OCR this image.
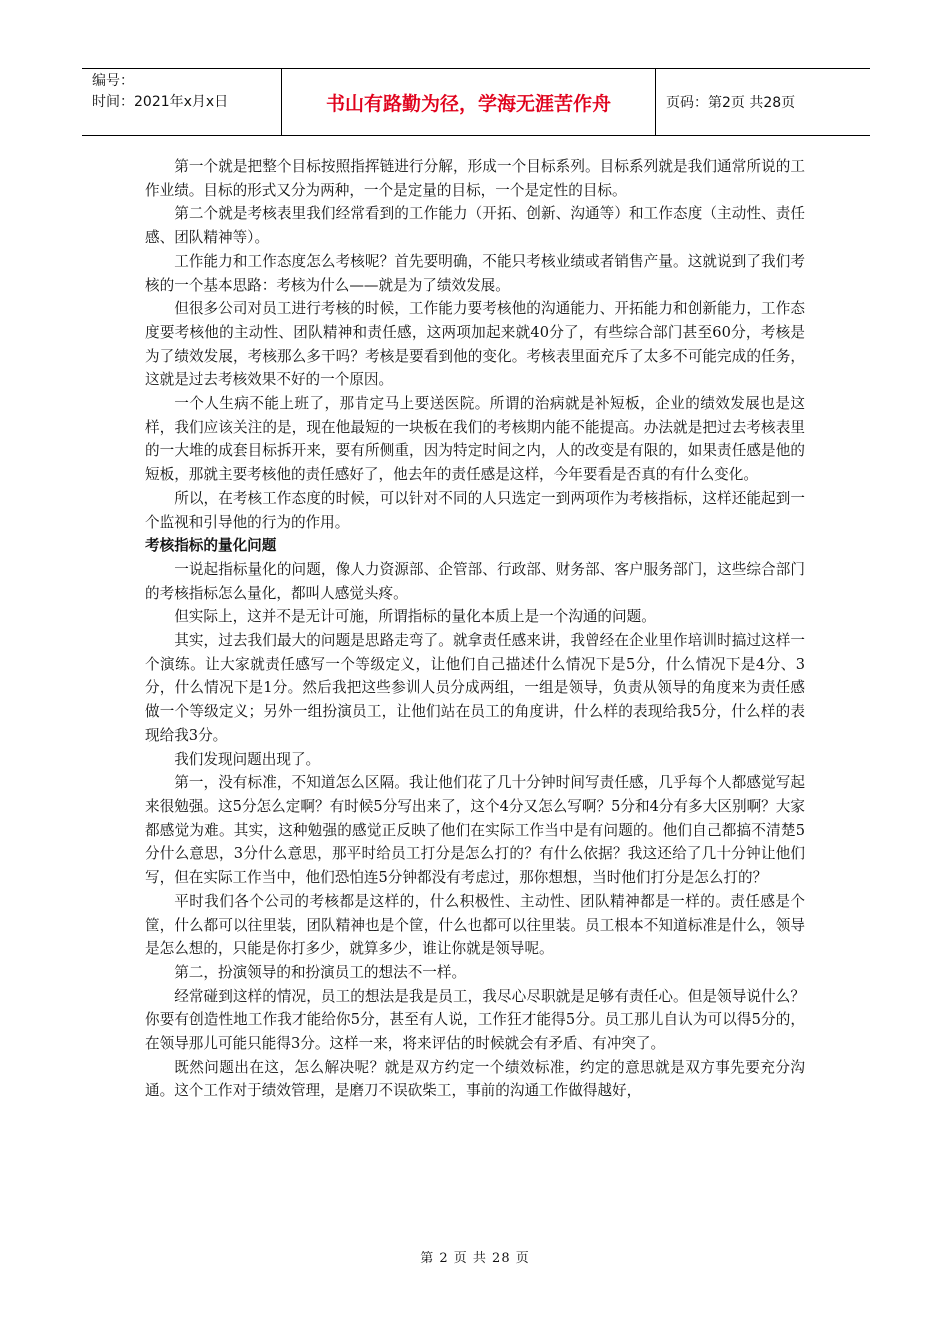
编号：
时间：2021年x月x日	书山有路勤为径，学海无涯苦作舟	页码：第2页 共28页

第一个就是把整个目标按照指挥链进行分解，形成一个目标系列。目标系列就是我们通常所说的工作业绩。目标的形式又分为两种，一个是定量的目标，一个是定性的目标。

第二个就是考核表里我们经常看到的工作能力（开拓、创新、沟通等）和工作态度（主动性、责任感、团队精神等）。

工作能力和工作态度怎么考核呢？首先要明确，不能只考核业绩或者销售产量。这就说到了我们考核的一个基本思路：考核为什么——就是为了绩效发展。

但很多公司对员工进行考核的时候，工作能力要考核他的沟通能力、开拓能力和创新能力，工作态度要考核他的主动性、团队精神和责任感，这两项加起来就40分了，有些综合部门甚至60分，考核是为了绩效发展，考核那么多干吗？考核是要看到他的变化。考核表里面充斥了太多不可能完成的任务，这就是过去考核效果不好的一个原因。

一个人生病不能上班了，那肯定马上要送医院。所谓的治病就是补短板，企业的绩效发展也是这样，我们应该关注的是，现在他最短的一块板在我们的考核期内能不能提高。办法就是把过去考核表里的一大堆的成套目标拆开来，要有所侧重，因为特定时间之内，人的改变是有限的，如果责任感是他的短板，那就主要考核他的责任感好了，他去年的责任感是这样，今年要看是否真的有什么变化。

所以，在考核工作态度的时候，可以针对不同的人只选定一到两项作为考核指标，这样还能起到一个监视和引导他的行为的作用。

考核指标的量化问题

一说起指标量化的问题，像人力资源部、企管部、行政部、财务部、客户服务部门，这些综合部门的考核指标怎么量化，都叫人感觉头疼。

但实际上，这并不是无计可施，所谓指标的量化本质上是一个沟通的问题。

其实，过去我们最大的问题是思路走弯了。就拿责任感来讲，我曾经在企业里作培训时搞过这样一个演练。让大家就责任感写一个等级定义，让他们自己描述什么情况下是5分，什么情况下是4分、3分，什么情况下是1分。然后我把这些参训人员分成两组，一组是领导，负责从领导的角度来为责任感做一个等级定义；另外一组扮演员工，让他们站在员工的角度讲，什么样的表现给我5分，什么样的表现给我3分。

我们发现问题出现了。

第一，没有标准，不知道怎么区隔。我让他们花了几十分钟时间写责任感，几乎每个人都感觉写起来很勉强。这5分怎么定啊？有时候5分写出来了，这个4分又怎么写啊？5分和4分有多大区别啊？大家都感觉为难。其实，这种勉强的感觉正反映了他们在实际工作当中是有问题的。他们自己都搞不清楚5分什么意思，3分什么意思，那平时给员工打分是怎么打的？有什么依据？我这还给了几十分钟让他们写，但在实际工作当中，他们恐怕连5分钟都没有考虑过，那你想想，当时他们打分是怎么打的？

平时我们各个公司的考核都是这样的，什么积极性、主动性、团队精神都是一样的。责任感是个筐，什么都可以往里装，团队精神也是个筐，什么也都可以往里装。员工根本不知道标准是什么，领导是怎么想的，只能是你打多少，就算多少，谁让你就是领导呢。

第二，扮演领导的和扮演员工的想法不一样。

经常碰到这样的情况，员工的想法是我是员工，我尽心尽职就是足够有责任心。但是领导说什么？你要有创造性地工作我才能给你5分，甚至有人说，工作狂才能得5分。员工那儿自认为可以得5分的，在领导那儿可能只能得3分。这样一来，将来评估的时候就会有矛盾、有冲突了。

既然问题出在这，怎么解决呢？就是双方约定一个绩效标准，约定的意思就是双方事先要充分沟通。这个工作对于绩效管理，是磨刀不误砍柴工，事前的沟通工作做得越好，

第 2 页 共 28 页
